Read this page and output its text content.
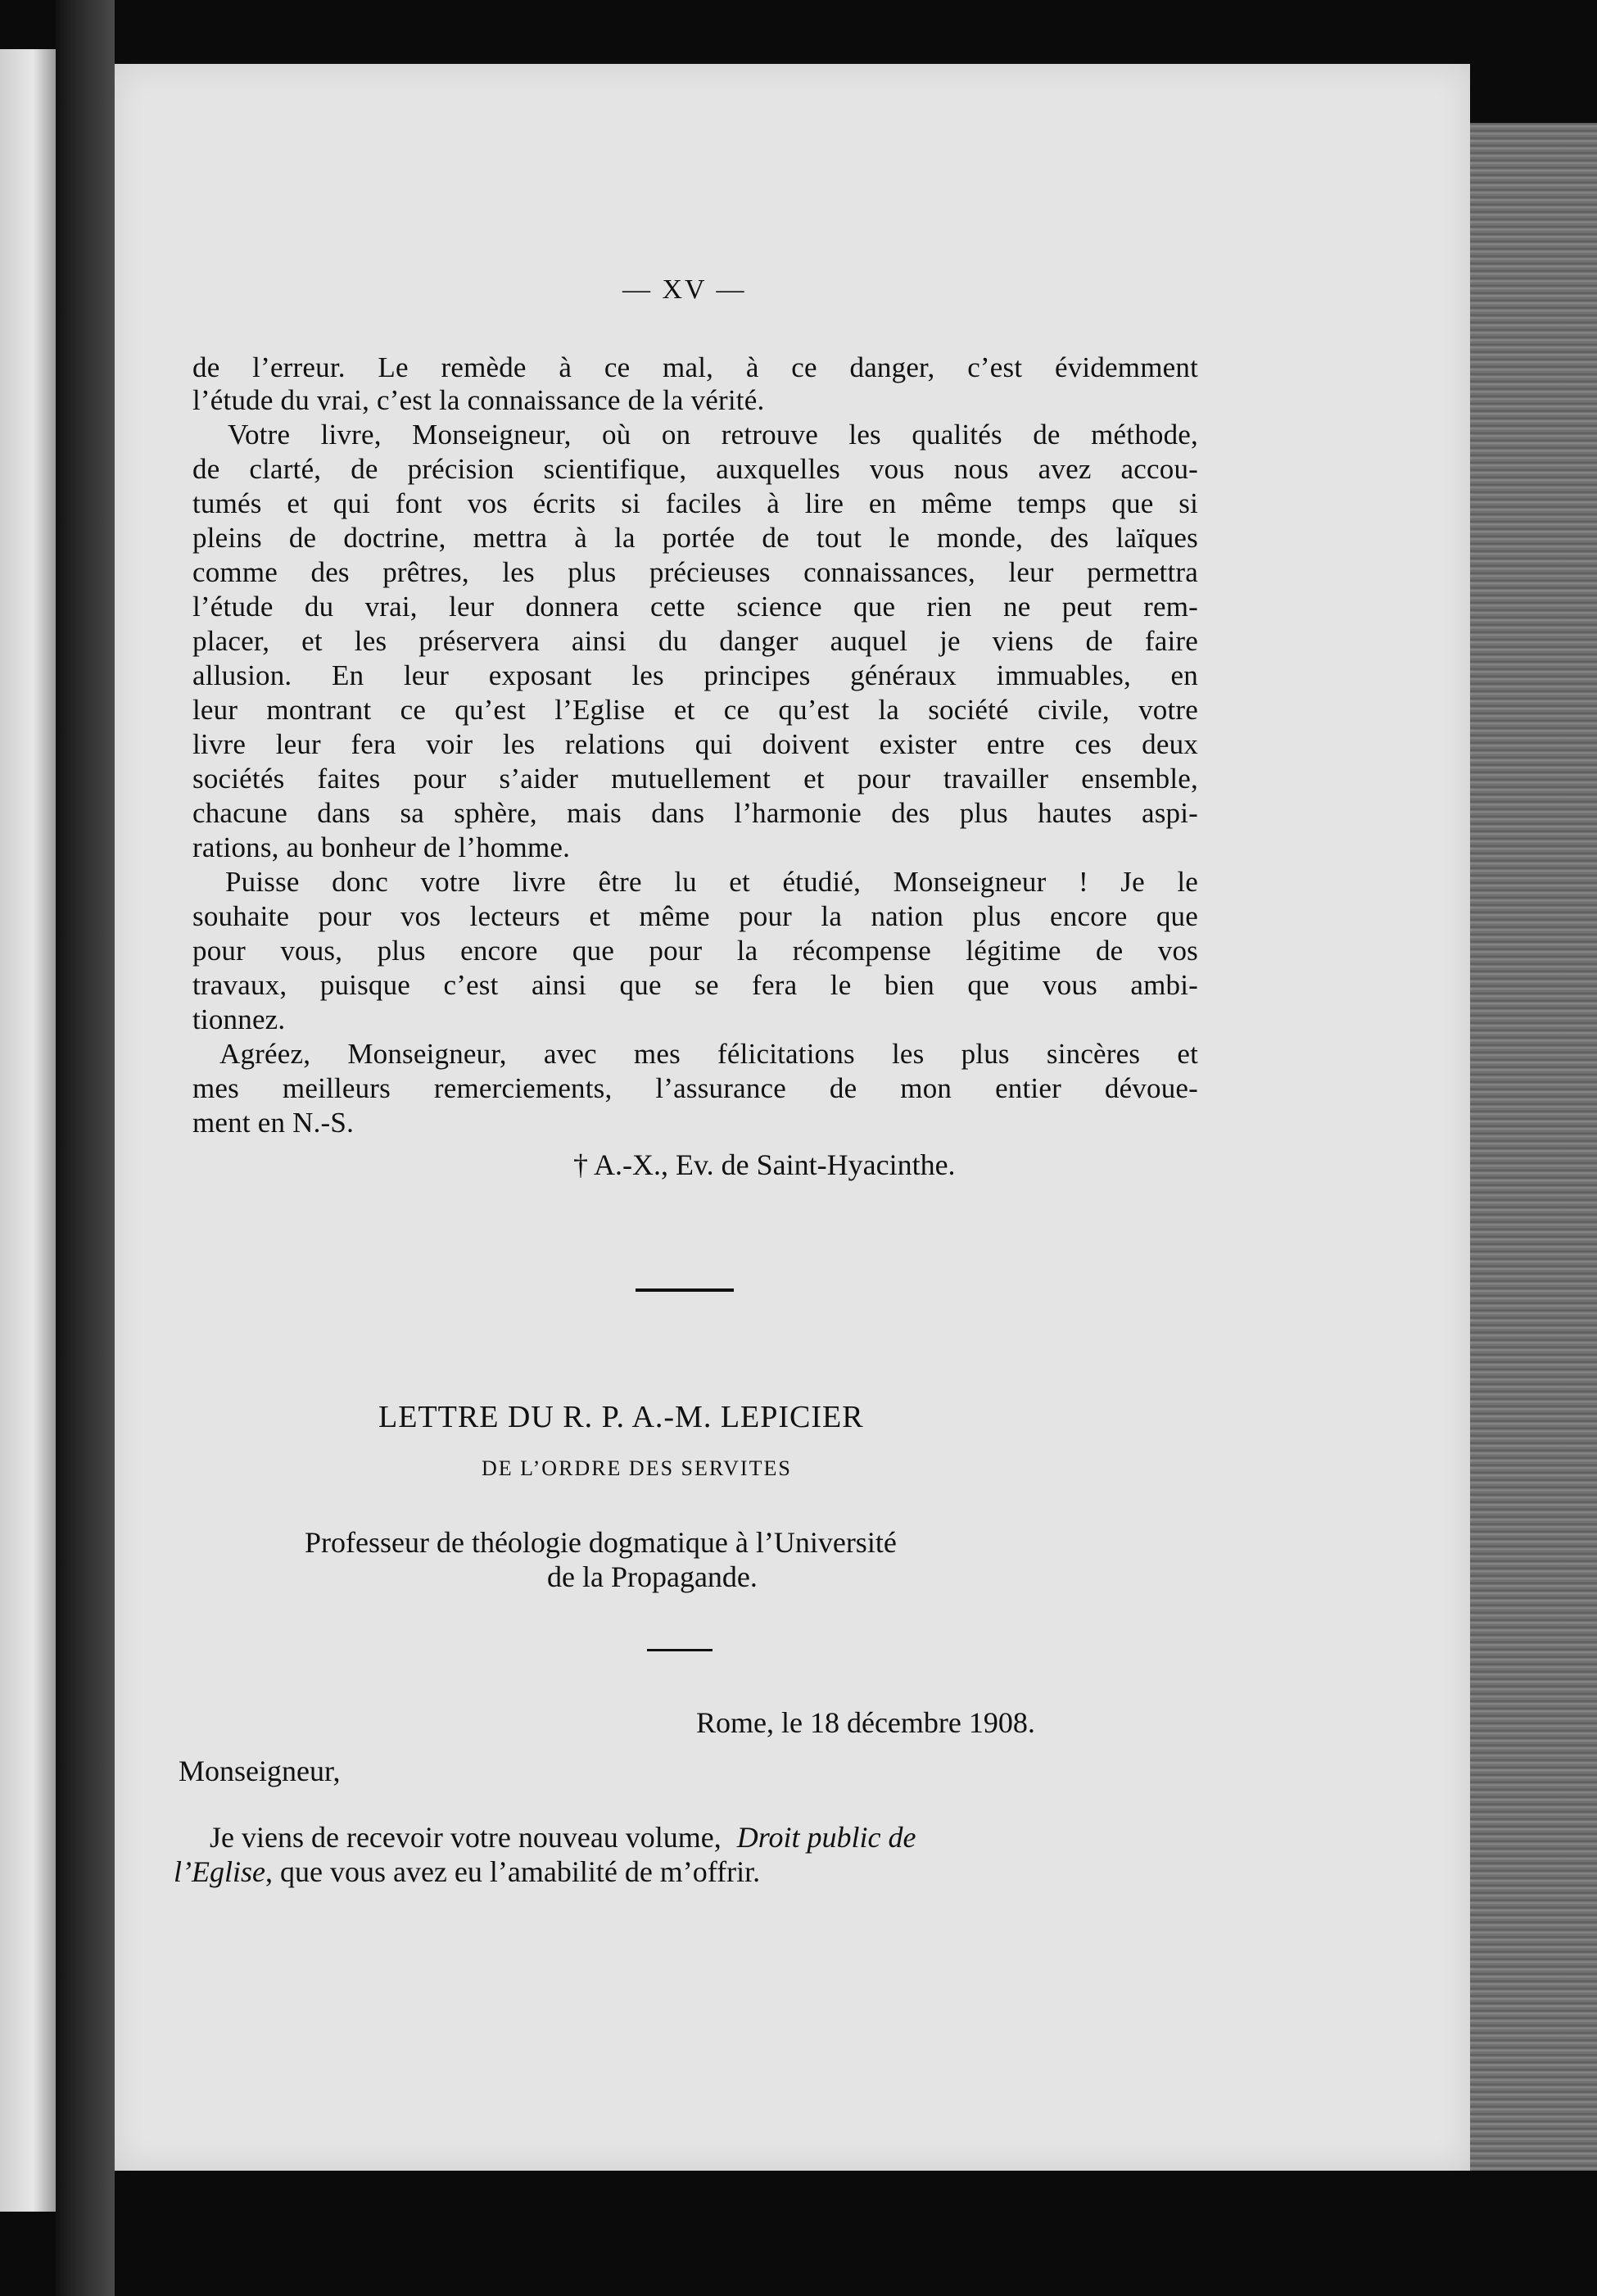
— XV —
de l’erreur. Le remède à ce mal, à ce danger, c’est évidemment
l’étude du vrai, c’est la connaissance de la vérité.
Votre livre, Monseigneur, où on retrouve les qualités de méthode,
de clarté, de précision scientifique, auxquelles vous nous avez accou-
tumés et qui font vos écrits si faciles à lire en même temps que si
pleins de doctrine, mettra à la portée de tout le monde, des laïques
comme des prêtres, les plus précieuses connaissances, leur permettra
l’étude du vrai, leur donnera cette science que rien ne peut rem-
placer, et les préservera ainsi du danger auquel je viens de faire
allusion. En leur exposant les principes généraux immuables, en
leur montrant ce qu’est l’Eglise et ce qu’est la société civile, votre
livre leur fera voir les relations qui doivent exister entre ces deux
sociétés faites pour s’aider mutuellement et pour travailler ensemble,
chacune dans sa sphère, mais dans l’harmonie des plus hautes aspi-
rations, au bonheur de l’homme.
Puisse donc votre livre être lu et étudié, Monseigneur ! Je le
souhaite pour vos lecteurs et même pour la nation plus encore que
pour vous, plus encore que pour la récompense légitime de vos
travaux, puisque c’est ainsi que se fera le bien que vous ambi-
tionnez.
Agréez, Monseigneur, avec mes félicitations les plus sincères et
mes meilleurs remerciements, l’assurance de mon entier dévoue-
ment en N.-S.
† A.-X., Ev. de Saint-Hyacinthe.
LETTRE DU R. P. A.-M. LEPICIER
DE L’ORDRE DES SERVITES
Professeur de théologie dogmatique à l’Université
de la Propagande.
Rome, le 18 décembre 1908.
Monseigneur,
Je viens de recevoir votre nouveau volume, Droit public de
l’Eglise, que vous avez eu l’amabilité de m’offrir.
